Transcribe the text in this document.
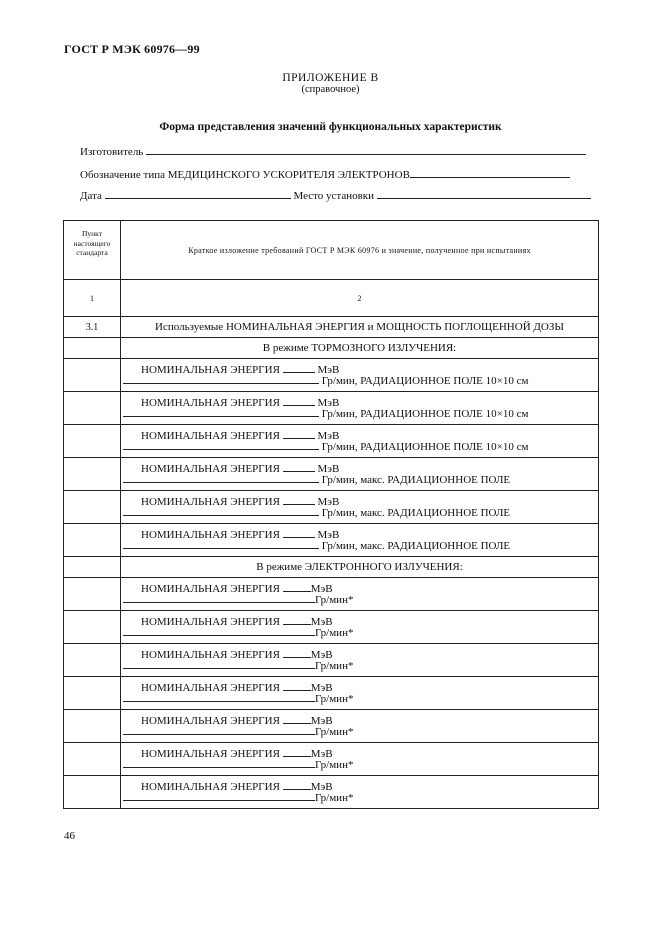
ГОСТ Р МЭК 60976—99
ПРИЛОЖЕНИЕ В
(справочное)
Форма представления значений функциональных характеристик
Изготовитель
Обозначение типа МЕДИЦИНСКОГО УСКОРИТЕЛЯ ЭЛЕКТРОНОВ
Дата	Место установки
Пункт
настоящего
стандарта	Краткое изложение требований ГОСТ Р МЭК 60976 и значение, полученное при испытаниях
1	2
3.1	Используемые НОМИНАЛЬНАЯ ЭНЕРГИЯ и МОЩНОСТЬ ПОГЛОЩЕННОЙ ДОЗЫ
	В режиме ТОРМОЗНОГО ИЗЛУЧЕНИЯ:

	НОМИНАЛЬНАЯ ЭНЕРГИЯ МэВ
Гр/мин, РАДИАЦИОННОЕ ПОЛЕ 10×10 см

	НОМИНАЛЬНАЯ ЭНЕРГИЯ МэВ
Гр/мин, РАДИАЦИОННОЕ ПОЛЕ 10×10 см

	НОМИНАЛЬНАЯ ЭНЕРГИЯ МэВ
Гр/мин, РАДИАЦИОННОЕ ПОЛЕ 10×10 см

	НОМИНАЛЬНАЯ ЭНЕРГИЯ МэВ
Гр/мин, макс. РАДИАЦИОННОЕ ПОЛЕ

	НОМИНАЛЬНАЯ ЭНЕРГИЯ МэВ
Гр/мин, макс. РАДИАЦИОННОЕ ПОЛЕ

	НОМИНАЛЬНАЯ ЭНЕРГИЯ МэВ
Гр/мин, макс. РАДИАЦИОННОЕ ПОЛЕ

	В режиме ЭЛЕКТРОННОГО ИЗЛУЧЕНИЯ:

	НОМИНАЛЬНАЯ ЭНЕРГИЯ МэВ
Гр/мин*

	НОМИНАЛЬНАЯ ЭНЕРГИЯ МэВ
Гр/мин*

	НОМИНАЛЬНАЯ ЭНЕРГИЯ МэВ
Гр/мин*

	НОМИНАЛЬНАЯ ЭНЕРГИЯ МэВ
Гр/мин*

	НОМИНАЛЬНАЯ ЭНЕРГИЯ МэВ
Гр/мин*

	НОМИНАЛЬНАЯ ЭНЕРГИЯ МэВ
Гр/мин*

	НОМИНАЛЬНАЯ ЭНЕРГИЯ МэВ
Гр/мин*
46
